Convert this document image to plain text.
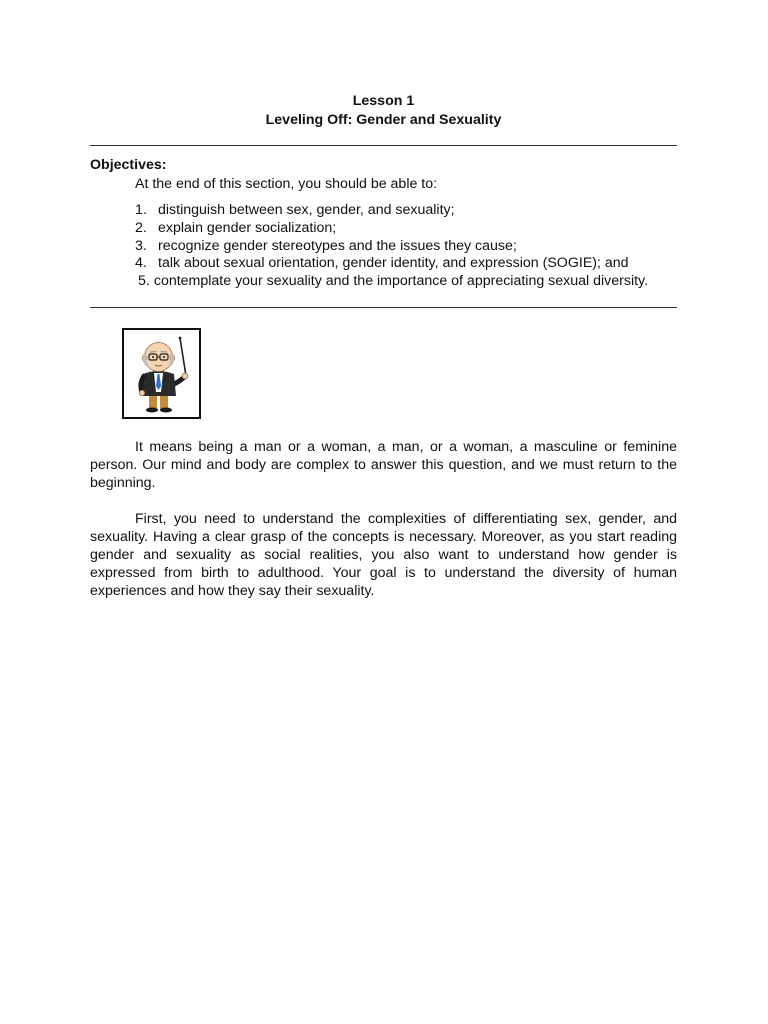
Lesson 1
Leveling Off: Gender and Sexuality
Objectives:
At the end of this section, you should be able to:
1. distinguish between sex, gender, and sexuality;
2. explain gender socialization;
3. recognize gender stereotypes and the issues they cause;
4. talk about sexual orientation, gender identity, and expression (SOGIE); and
5. contemplate your sexuality and the importance of appreciating sexual diversity.

It means being a man or a woman, a man, or a woman, a masculine or feminine person. Our mind and body are complex to answer this question, and we must return to the beginning.

First, you need to understand the complexities of differentiating sex, gender, and sexuality. Having a clear grasp of the concepts is necessary. Moreover, as you start reading gender and sexuality as social realities, you also want to understand how gender is expressed from birth to adulthood. Your goal is to understand the diversity of human experiences and how they say their sexuality.
